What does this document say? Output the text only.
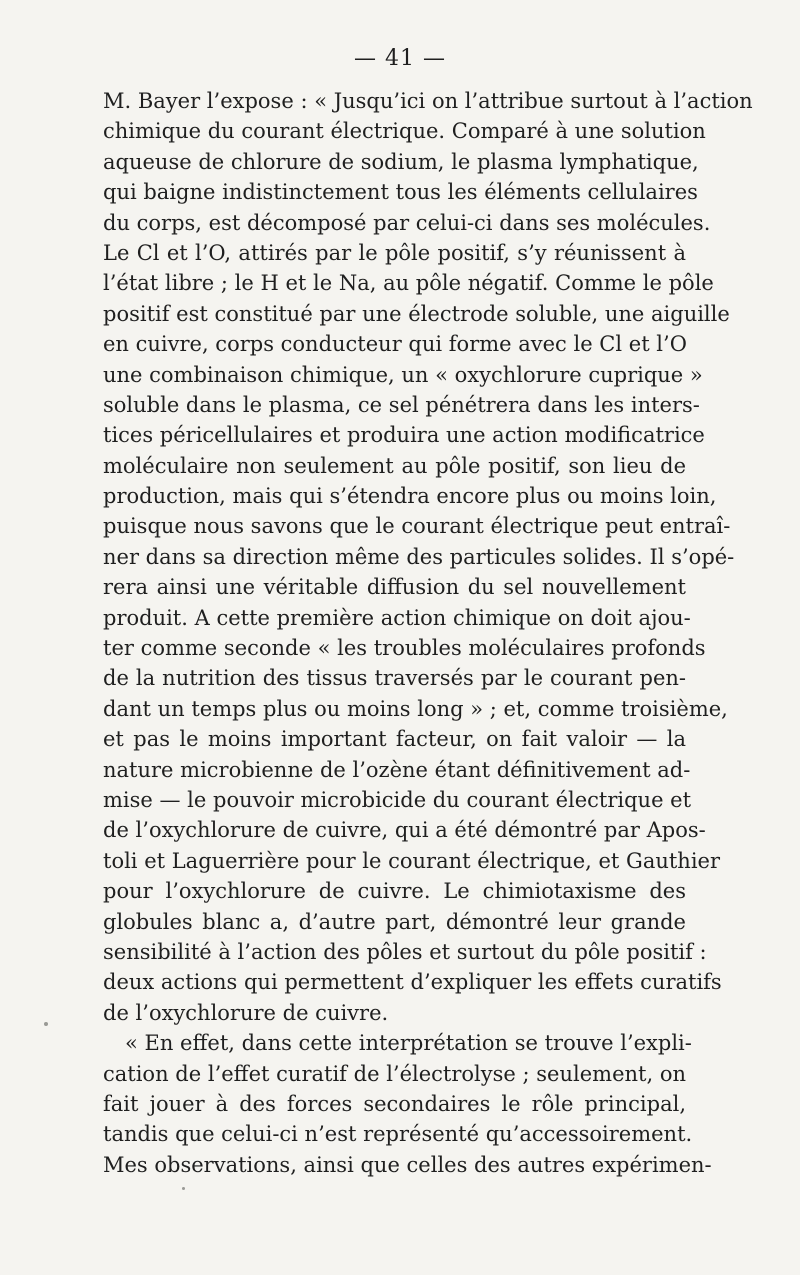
— 41 —
M. Bayer l’expose : « Jusqu’ici on l’attribue surtout à l’action
chimique du courant électrique. Comparé à une solution
aqueuse de chlorure de sodium, le plasma lymphatique,
qui baigne indistinctement tous les éléments cellulaires
du corps, est décomposé par celui-ci dans ses molécules.
Le Cl et l’O, attirés par le pôle positif, s’y réunissent à
l’état libre ; le H et le Na, au pôle négatif. Comme le pôle
positif est constitué par une électrode soluble, une aiguille
en cuivre, corps conducteur qui forme avec le Cl et l’O
une combinaison chimique, un « oxychlorure cuprique »
soluble dans le plasma, ce sel pénétrera dans les inters-
tices péricellulaires et produira une action modificatrice
moléculaire non seulement au pôle positif, son lieu de
production, mais qui s’étendra encore plus ou moins loin,
puisque nous savons que le courant électrique peut entraî-
ner dans sa direction même des particules solides. Il s’opé-
rera ainsi une véritable diffusion du sel nouvellement
produit. A cette première action chimique on doit ajou-
ter comme seconde « les troubles moléculaires profonds
de la nutrition des tissus traversés par le courant pen-
dant un temps plus ou moins long » ; et, comme troisième,
et pas le moins important facteur, on fait valoir — la
nature microbienne de l’ozène étant définitivement ad-
mise — le pouvoir microbicide du courant électrique et
de l’oxychlorure de cuivre, qui a été démontré par Apos-
toli et Laguerrière pour le courant électrique, et Gauthier
pour l’oxychlorure de cuivre. Le chimiotaxisme des
globules blanc a, d’autre part, démontré leur grande
sensibilité à l’action des pôles et surtout du pôle positif :
deux actions qui permettent d’expliquer les effets curatifs
de l’oxychlorure de cuivre.
« En effet, dans cette interprétation se trouve l’expli-
cation de l’effet curatif de l’électrolyse ; seulement, on
fait jouer à des forces secondaires le rôle principal,
tandis que celui-ci n’est représenté qu’accessoirement.
Mes observations, ainsi que celles des autres expérimen-
